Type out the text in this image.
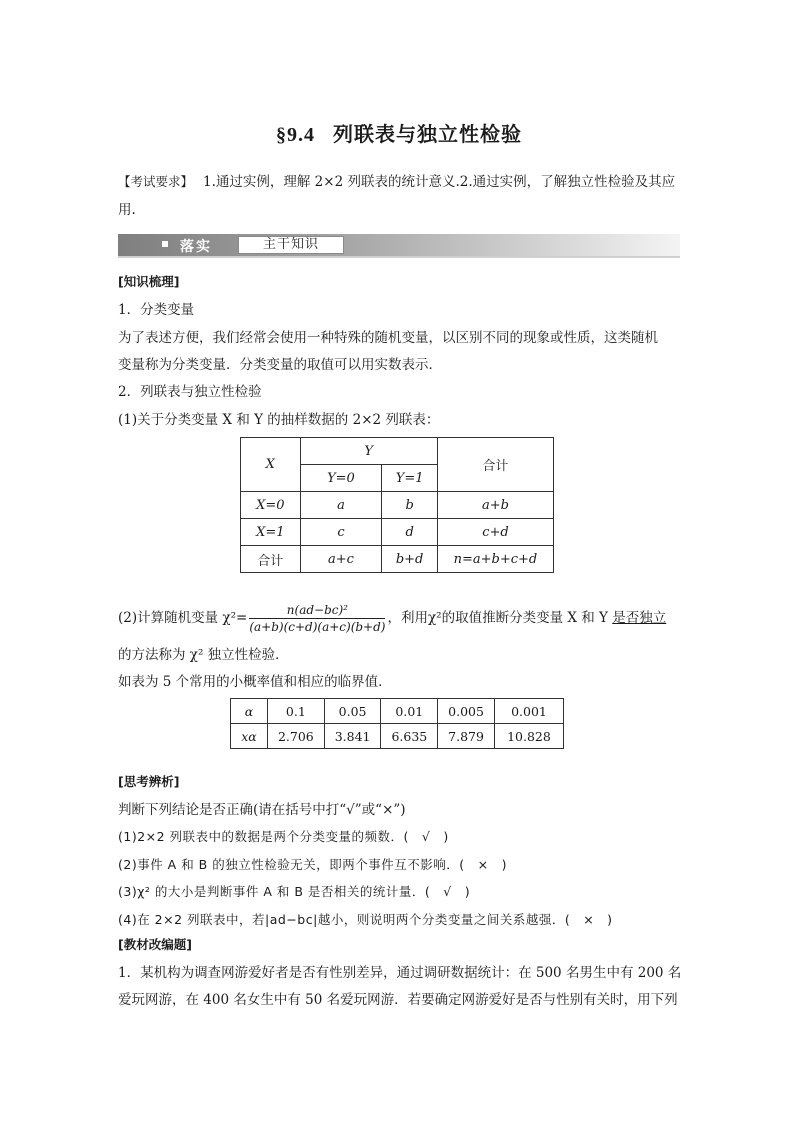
§9.4 列联表与独立性检验
【考试要求】 1.通过实例，理解 2×2 列联表的统计意义.2.通过实例，了解独立性检验及其应
用.
落实	主干知识
[知识梳理]
1．分类变量
为了表述方便，我们经常会使用一种特殊的随机变量，以区别不同的现象或性质，这类随机
变量称为分类变量．分类变量的取值可以用实数表示．
2．列联表与独立性检验
(1)关于分类变量 X 和 Y 的抽样数据的 2×2 列联表：
X	Y		合计
	Y=0	Y=1	
X=0	a	b	a+b
X=1	c	d	c+d
合计	a+c	b+d	n=a+b+c+d
(2)计算随机变量 $\chi^2= \frac{\text{n(ad−bc)²}}{(a+b)(c+d)(a+c)(b+d)}$ ，利用χ²的取值推断分类变量 X 和 Y 是否独立
的方法称为 χ² 独立性检验．
如表为 5 个常用的小概率值和相应的临界值．
α	0.1	0.05	0.01	0.005	0.001
xα	2.706	3.841	6.635	7.879	10.828
[思考辨析]
判断下列结论是否正确(请在括号中打“√”或“×”)
(1)2×2 列联表中的数据是两个分类变量的频数．(　√　)
(2)事件 A 和 B 的独立性检验无关，即两个事件互不影响．(　×　)
(3)χ² 的大小是判断事件 A 和 B 是否相关的统计量．(　√　)
(4)在 2×2 列联表中，若|ad−bc|越小，则说明两个分类变量之间关系越强．(　×　)
[教材改编题]
1．某机构为调查网游爱好者是否有性别差异，通过调研数据统计：在 500 名男生中有 200 名
爱玩网游，在 400 名女生中有 50 名爱玩网游．若要确定网游爱好是否与性别有关时，用下列
